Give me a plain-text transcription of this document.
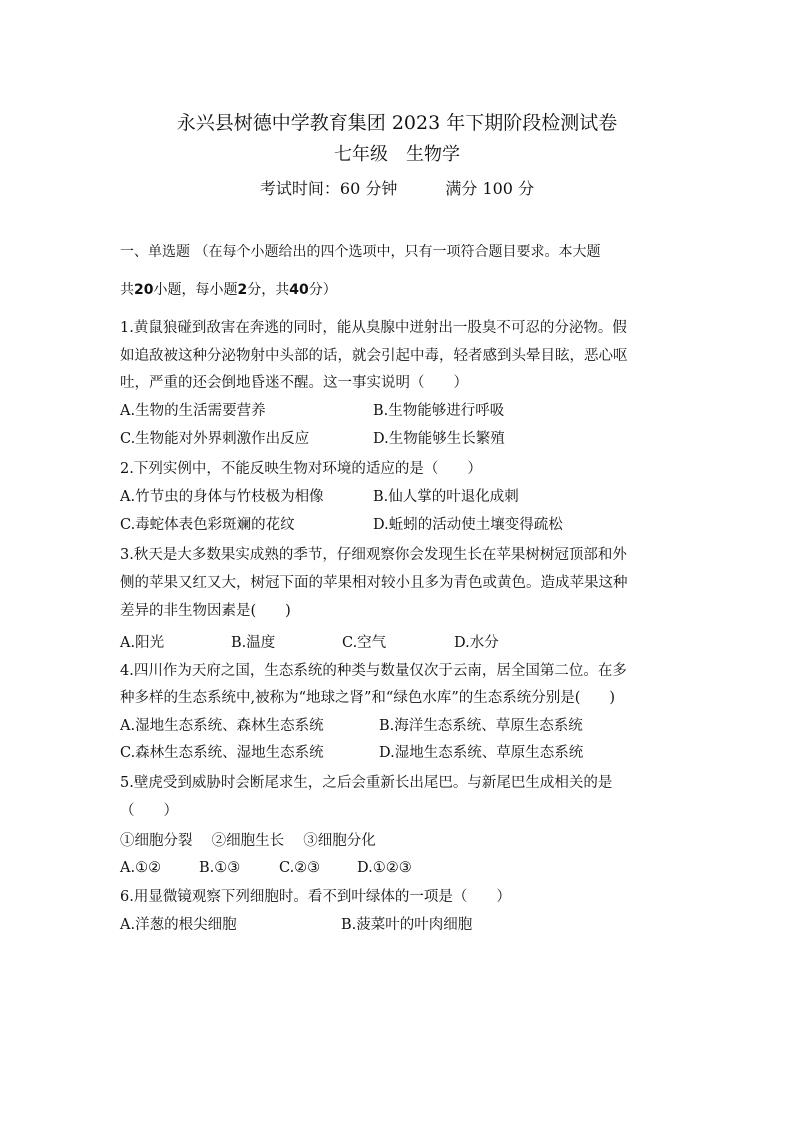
永兴县树德中学教育集团 2023 年下期阶段检测试卷
七年级　生物学
考试时间：60 分钟	满分 100 分
一、单选题 （在每个小题给出的四个选项中，只有一项符合题目要求。本大题
共20小题，每小题2分，共40分）
1.黄鼠狼碰到敌害在奔逃的同时，能从臭腺中迸射出一股臭不可忍的分泌物。假
如追敌被这种分泌物射中头部的话，就会引起中毒，轻者感到头晕目眩，恶心呕
吐，严重的还会倒地昏迷不醒。这一事实说明（　　）
A.生物的生活需要营养	B.生物能够进行呼吸
C.生物能对外界刺激作出反应	D.生物能够生长繁殖
2.下列实例中，不能反映生物对环境的适应的是（　　）
A.竹节虫的身体与竹枝极为相像	B.仙人掌的叶退化成刺
C.毒蛇体表色彩斑斓的花纹	D.蚯蚓的活动使土壤变得疏松
3.秋天是大多数果实成熟的季节，仔细观察你会发现生长在苹果树树冠顶部和外
侧的苹果又红又大，树冠下面的苹果相对较小且多为青色或黄色。造成苹果这种
差异的非生物因素是(　　)
A.阳光	B.温度	C.空气	D.水分
4.四川作为天府之国，生态系统的种类与数量仅次于云南，居全国第二位。在多
种多样的生态系统中,被称为“地球之肾”和“绿色水库”的生态系统分别是(　　)
A.湿地生态系统、森林生态系统	B.海洋生态系统、草原生态系统
C.森林生态系统、湿地生态系统	D.湿地生态系统、草原生态系统
5.壁虎受到威胁时会断尾求生，之后会重新长出尾巴。与新尾巴生成相关的是
（　　）
①细胞分裂　 ②细胞生长　 ③细胞分化
A.①②	B.①③	C.②③	D.①②③
6.用显微镜观察下列细胞时。看不到叶绿体的一项是（　　）
A.洋葱的根尖细胞	B.菠菜叶的叶肉细胞
